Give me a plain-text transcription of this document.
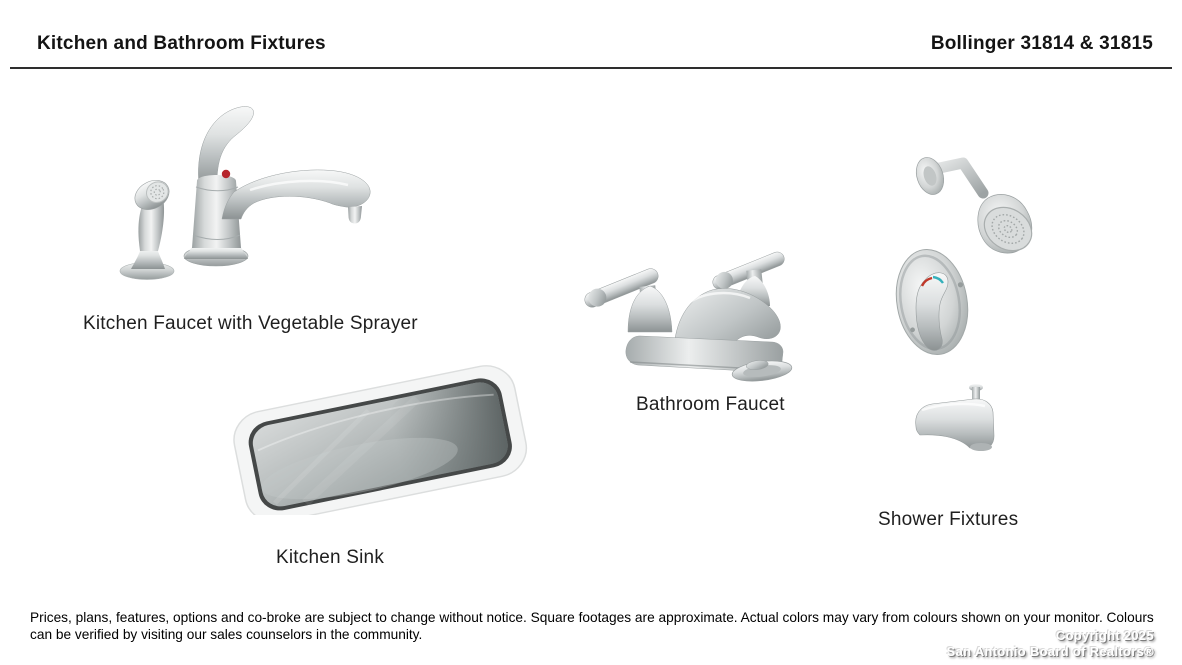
Kitchen and Bathroom Fixtures	Bollinger 31814 & 31815
Kitchen Faucet with Vegetable Sprayer
Bathroom Faucet
Kitchen Sink
Shower Fixtures
Prices, plans, features, options and co-broke are subject to change without notice. Square footages are approximate. Actual colors may vary from colours shown on your monitor. Colours can be verified by visiting our sales counselors in the community.	Copyright 2025
San Antonio Board of Realtors®
